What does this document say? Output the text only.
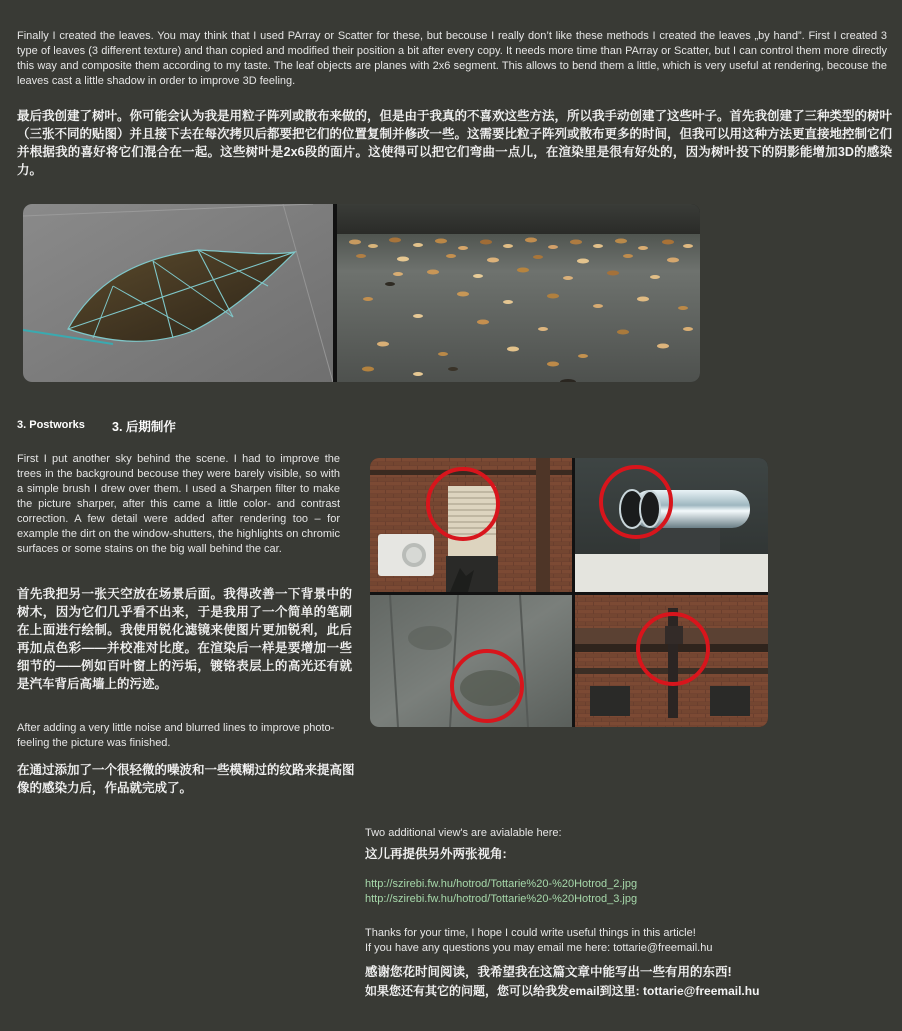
Finally I created the leaves. You may think that I used PArray or Scatter for these, but becouse I really don’t like these methods I created the leaves „by hand”. First I created 3 type of leaves (3 different texture) and than copied and modified their position a bit after every copy. It needs more time than PArray or Scatter, but I can control them more directly this way and composite them according to my taste. The leaf objects are planes with 2x6 segment. This allows to bend them a little, which is very useful at rendering, becouse the leaves cast a little shadow in order to improve 3D feeling.
最后我创建了树叶。你可能会认为我是用粒子阵列或散布来做的，但是由于我真的不喜欢这些方法，所以我手动创建了这些叶子。首先我创建了三种类型的树叶（三张不同的贴图）并且接下去在每次拷贝后都要把它们的位置复制并修改一些。这需要比粒子阵列或散布更多的时间，但我可以用这种方法更直接地控制它们并根据我的喜好将它们混合在一起。这些树叶是2x6段的面片。这使得可以把它们弯曲一点儿，在渲染里是很有好处的，因为树叶投下的阴影能增加3D的感染力。
3. Postworks 3. 后期制作
First I put another sky behind the scene. I had to improve the trees in the background becouse they were barely visible, so with a simple brush I drew over them. I used a Sharpen filter to make the picture sharper, after this came a little color- and contrast correction. A few detail were added after rendering too – for example the dirt on the window-shutters, the highlights on chromic surfaces or some stains on the big wall behind the car.
首先我把另一张天空放在场景后面。我得改善一下背景中的树木，因为它们几乎看不出来，于是我用了一个简单的笔刷在上面进行绘制。我使用锐化滤镜来使图片更加锐利，此后再加点色彩——并校准对比度。在渲染后一样是要增加一些细节的——例如百叶窗上的污垢，镀铬表层上的高光还有就是汽车背后高墙上的污迹。
After adding a very little noise and blurred lines to improve photo-feeling the picture was finished.
在通过添加了一个很轻微的噪波和一些模糊过的纹路来提高图像的感染力后，作品就完成了。
Two additional view's are avialable here:
这儿再提供另外两张视角:
http://szirebi.fw.hu/hotrod/Tottarie%20-%20Hotrod_2.jpg
http://szirebi.fw.hu/hotrod/Tottarie%20-%20Hotrod_3.jpg
Thanks for your time, I hope I could write useful things in this article!
If you have any questions you may email me here: tottarie@freemail.hu
感谢您花时间阅读，我希望我在这篇文章中能写出一些有用的东西!
如果您还有其它的问题，您可以给我发email到这里: tottarie@freemail.hu
